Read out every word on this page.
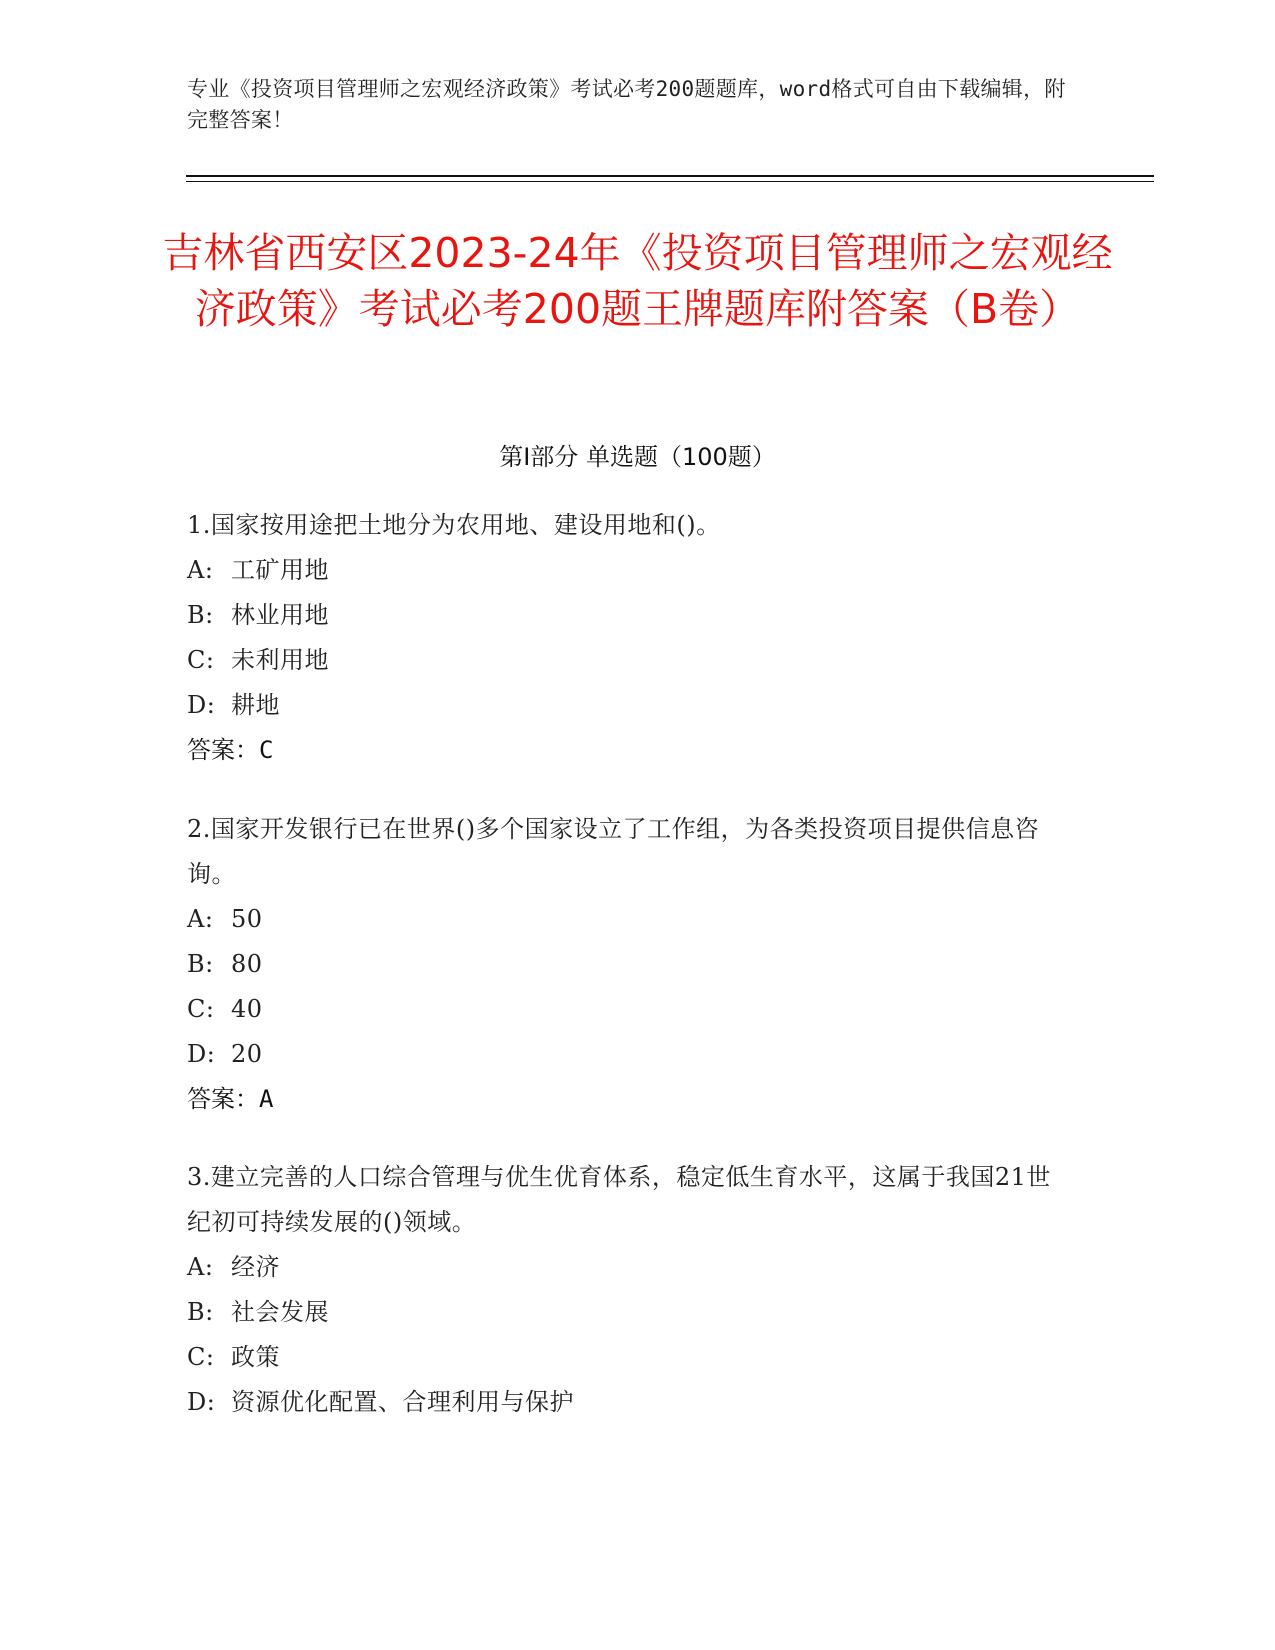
专业《投资项目管理师之宏观经济政策》考试必考200题题库，word格式可自由下载编辑，附完整答案！
吉林省西安区2023-24年《投资项目管理师之宏观经济政策》考试必考200题王牌题库附答案（B卷）
第I部分 单选题（100题）

1.国家按用途把土地分为农用地、建设用地和()。

A: 工矿用地

B: 林业用地

C: 未利用地

D: 耕地

答案：C

2.国家开发银行已在世界()多个国家设立了工作组，为各类投资项目提供信息咨询。

A: 50

B: 80

C: 40

D: 20

答案：A

3.建立完善的人口综合管理与优生优育体系，稳定低生育水平，这属于我国21世纪初可持续发展的()领域。

A: 经济

B: 社会发展

C: 政策

D: 资源优化配置、合理利用与保护
